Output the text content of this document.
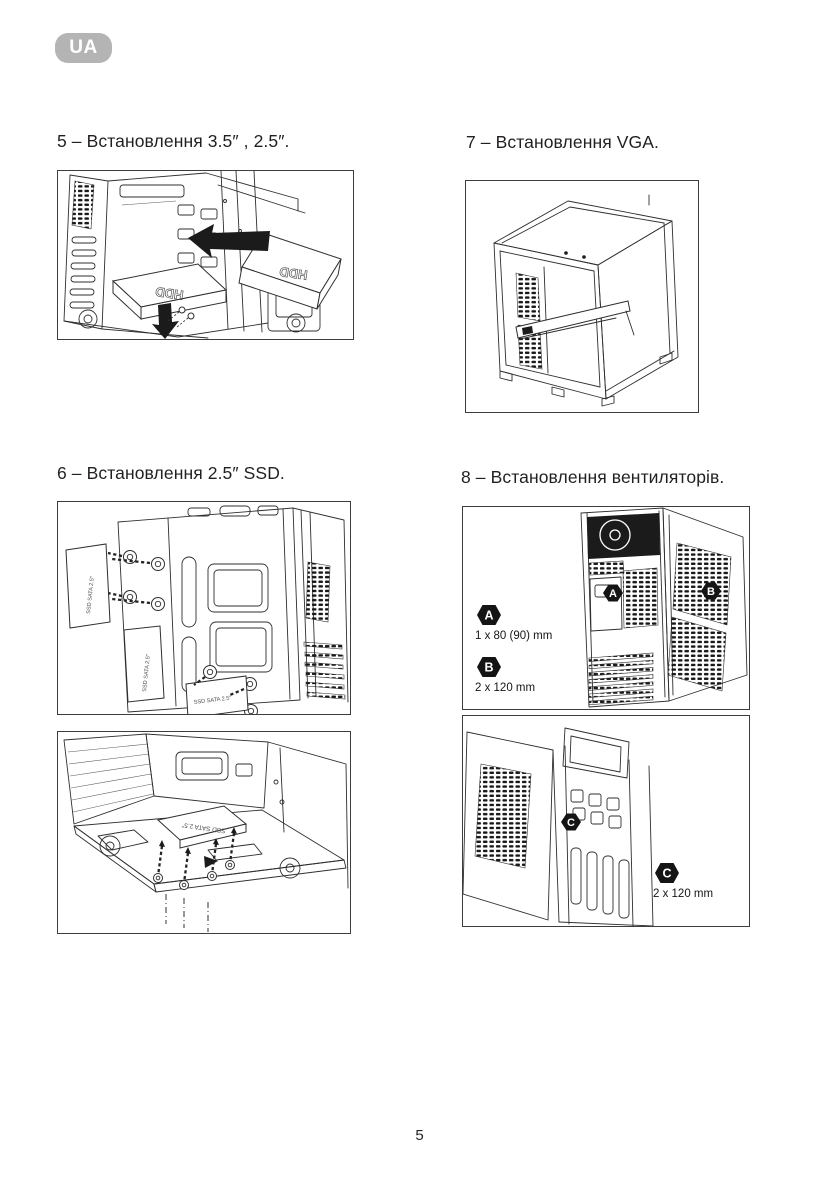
UA
5 – Встановлення 3.5″ , 2.5″.	7 – Встановлення VGA.
6 – Встановлення 2.5″ SSD.	8 – Встановлення вентиляторів.
HDD
HDD
SSD SATA 2.5″
SSD SATA 2.5″
SSD SATA 2.5″
SSD SATA 2.5″
A	B
A
1 x 80 (90) mm
B
2 x 120 mm
C
C
2 x 120 mm
5
